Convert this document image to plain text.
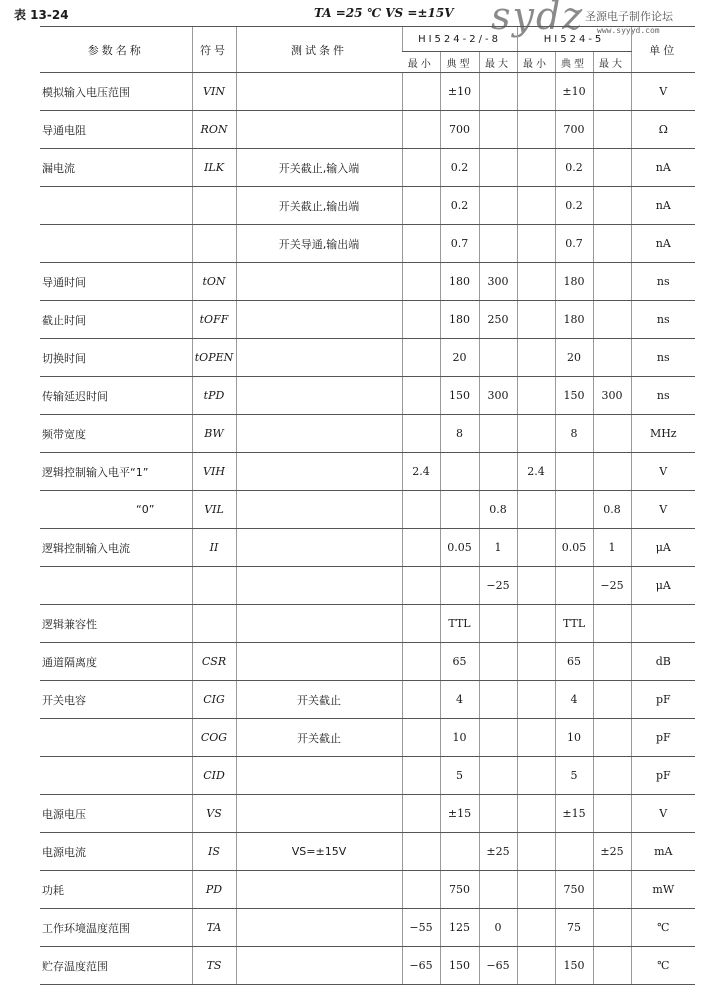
表 13-24	TA =25 ℃ VS =±15V sydz 圣源电子制作论坛
www.syyyd.com
参数名称	符号	测试条件	HI524-2/-8			HI524-5			单位
			最小	典型	最大	最小	典型	最大	
模拟输入电压范围	VIN			±10			±10		V
导通电阻	RON			700			700		Ω
漏电流	ILK	开关截止,输入端		0.2			0.2		nA
		开关截止,输出端		0.2			0.2		nA
		开关导通,输出端		0.7			0.7		nA
导通时间	tON			180	300		180		ns
截止时间	tOFF			180	250		180		ns
切换时间	tOPEN			20			20		ns
传输延迟时间	tPD			150	300		150	300	ns
频带宽度	BW			8			8		MHz
逻辑控制输入电平“1”	VIH		2.4			2.4			V
“0”	VIL				0.8			0.8	V
逻辑控制输入电流	II			0.05	1		0.05	1	μA
					−25			−25	μA
逻辑兼容性				TTL			TTL		
通道隔离度	CSR			65			65		dB
开关电容	CIG	开关截止		4			4		pF
	COG	开关截止		10			10		pF
	CID			5			5		pF
电源电压	VS			±15			±15		V
电源电流	IS	VS=±15V			±25			±25	mA
功耗	PD			750			750		mW
工作环境温度范围	TA		−55	125	0		75		℃
贮存温度范围	TS		−65	150	−65		150		℃
